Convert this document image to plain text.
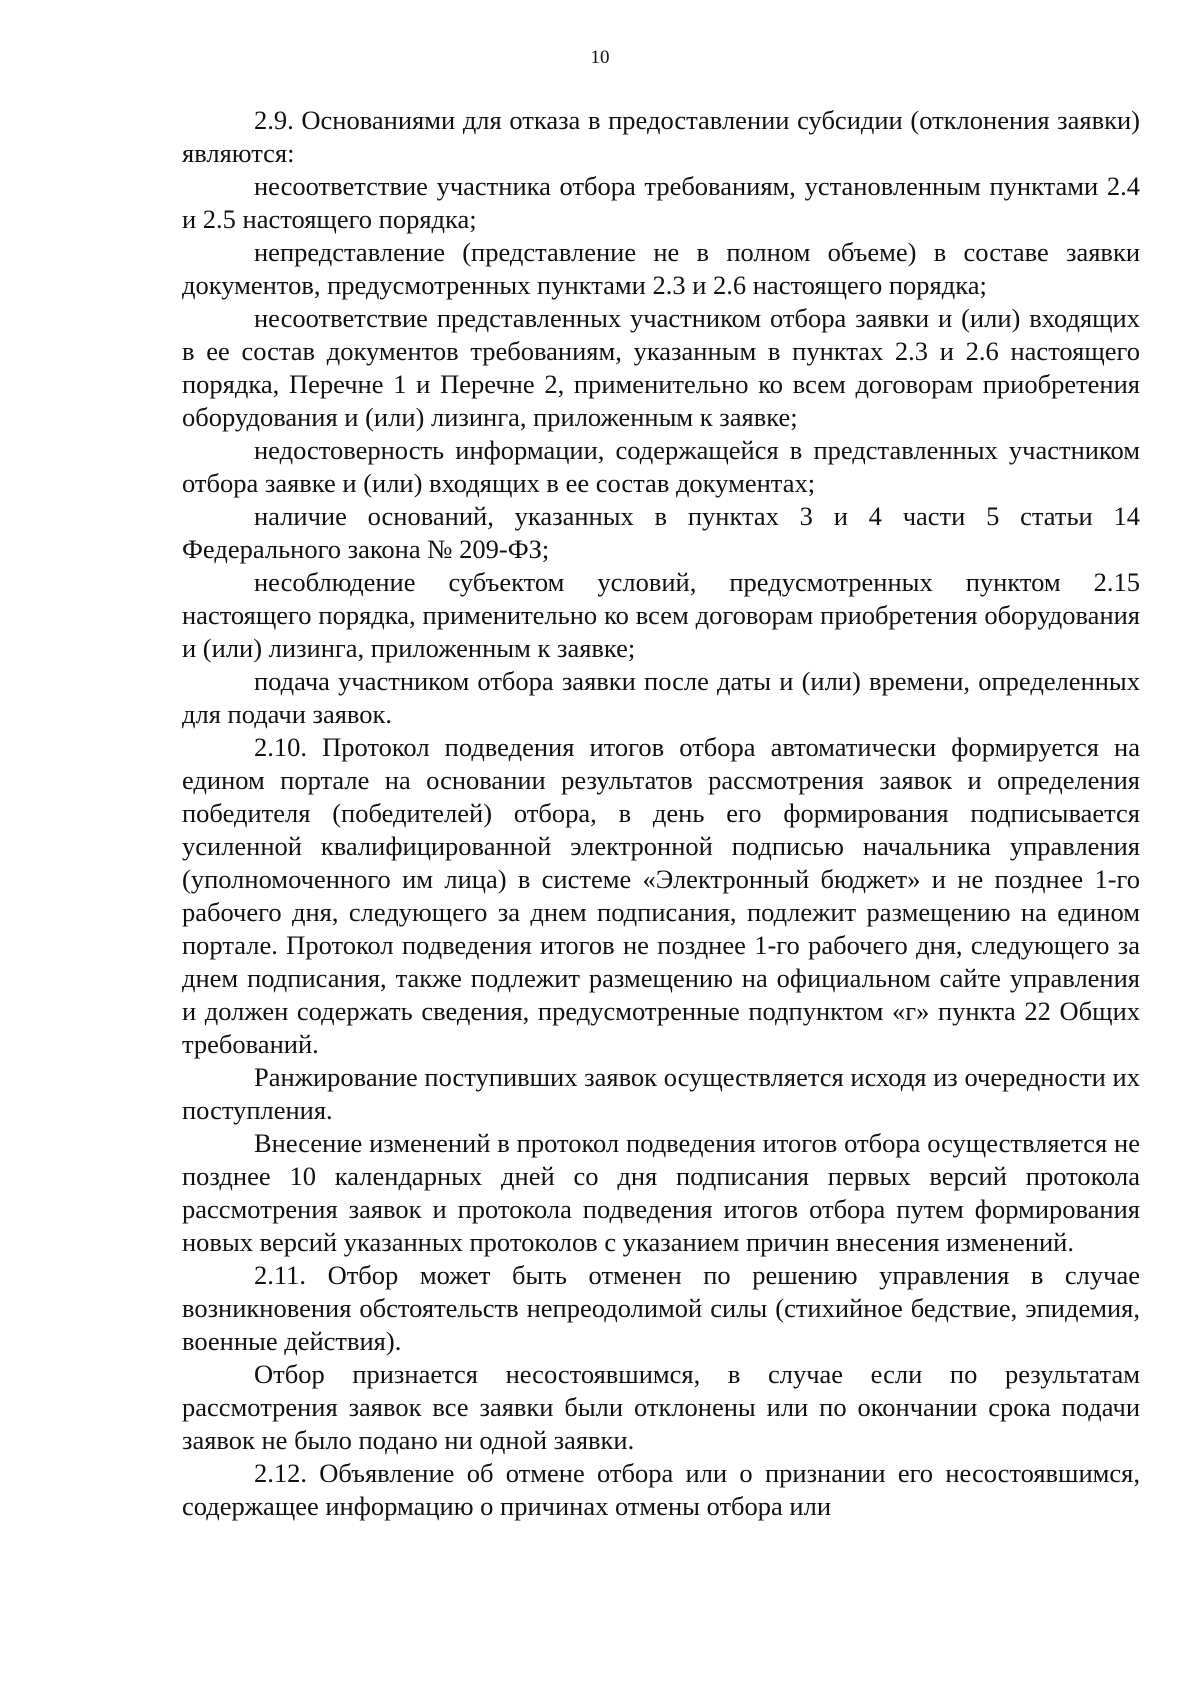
10

2.9. Основаниями для отказа в предоставлении субсидии (отклонения заявки) являются:

несоответствие участника отбора требованиям, установленным пунктами 2.4 и 2.5 настоящего порядка;

непредставление (представление не в полном объеме) в составе заявки документов, предусмотренных пунктами 2.3 и 2.6 настоящего порядка;

несоответствие представленных участником отбора заявки и (или) входящих в ее состав документов требованиям, указанным в пунктах 2.3 и 2.6 настоящего порядка, Перечне 1 и Перечне 2, применительно ко всем договорам приобретения оборудования и (или) лизинга, приложенным к заявке;

недостоверность информации, содержащейся в представленных участником отбора заявке и (или) входящих в ее состав документах;

наличие оснований, указанных в пунктах 3 и 4 части 5 статьи 14 Федерального закона № 209-ФЗ;

несоблюдение субъектом условий, предусмотренных пунктом 2.15 настоящего порядка, применительно ко всем договорам приобретения оборудования и (или) лизинга, приложенным к заявке;

подача участником отбора заявки после даты и (или) времени, определенных для подачи заявок.

2.10. Протокол подведения итогов отбора автоматически формируется на едином портале на основании результатов рассмотрения заявок и определения победителя (победителей) отбора, в день его формирования подписывается усиленной квалифицированной электронной подписью начальника управления (уполномоченного им лица) в системе «Электронный бюджет» и не позднее 1-го рабочего дня, следующего за днем подписания, подлежит размещению на едином портале. Протокол подведения итогов не позднее 1-го рабочего дня, следующего за днем подписания, также подлежит размещению на официальном сайте управления и должен содержать сведения, предусмотренные подпунктом «г» пункта 22 Общих требований.

Ранжирование поступивших заявок осуществляется исходя из очередности их поступления.

Внесение изменений в протокол подведения итогов отбора осуществляется не позднее 10 календарных дней со дня подписания первых версий протокола рассмотрения заявок и протокола подведения итогов отбора путем формирования новых версий указанных протоколов с указанием причин внесения изменений.

2.11. Отбор может быть отменен по решению управления в случае возникновения обстоятельств непреодолимой силы (стихийное бедствие, эпидемия, военные действия).

Отбор признается несостоявшимся, в случае если по результатам рассмотрения заявок все заявки были отклонены или по окончании срока подачи заявок не было подано ни одной заявки.

2.12. Объявление об отмене отбора или о признании его несостоявшимся, содержащее информацию о причинах отмены отбора или
